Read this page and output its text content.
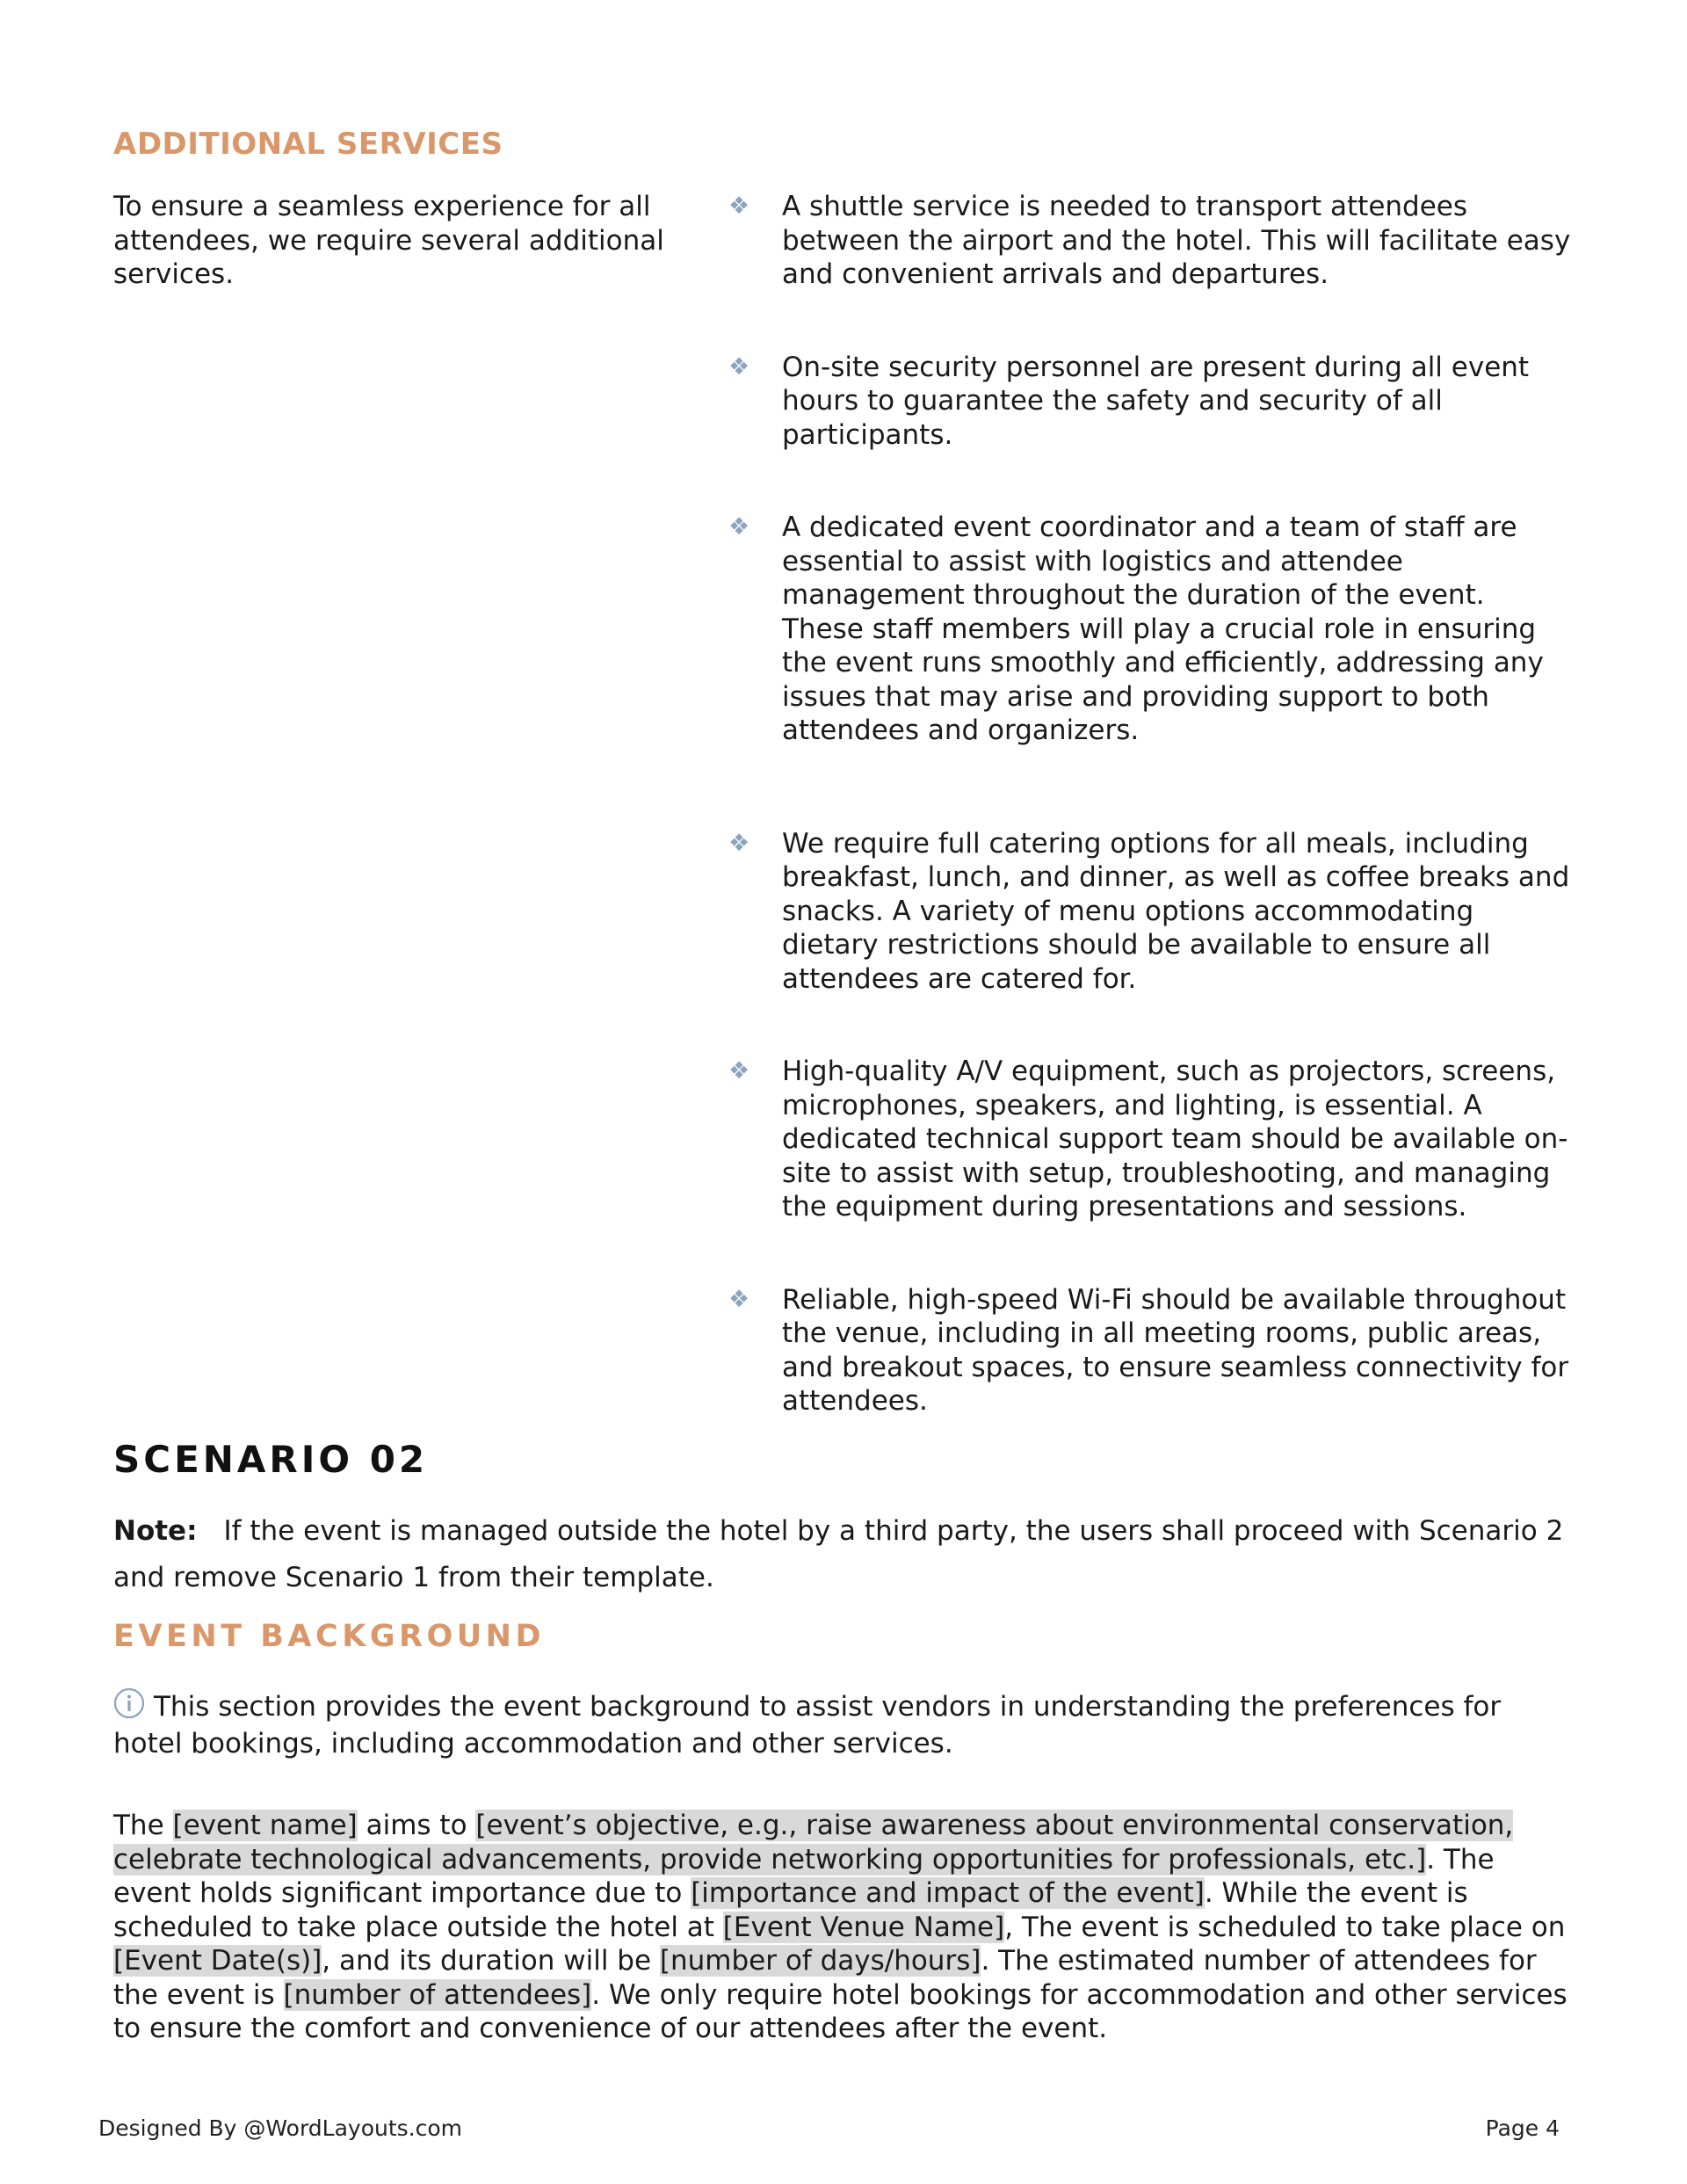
ADDITIONAL SERVICES
To ensure a seamless experience for all attendees, we require several additional services.
❖ A shuttle service is needed to transport attendees between the airport and the hotel. This will facilitate easy and convenient arrivals and departures.
❖ On-site security personnel are present during all event hours to guarantee the safety and security of all participants.
❖ A dedicated event coordinator and a team of staff are essential to assist with logistics and attendee management throughout the duration of the event. These staff members will play a crucial role in ensuring the event runs smoothly and efficiently, addressing any issues that may arise and providing support to both attendees and organizers.
❖ We require full catering options for all meals, including breakfast, lunch, and dinner, as well as coffee breaks and snacks. A variety of menu options accommodating dietary restrictions should be available to ensure all attendees are catered for.
❖ High-quality A/V equipment, such as projectors, screens, microphones, speakers, and lighting, is essential. A dedicated technical support team should be available on-site to assist with setup, troubleshooting, and managing the equipment during presentations and sessions.
❖ Reliable, high-speed Wi-Fi should be available throughout the venue, including in all meeting rooms, public areas, and breakout spaces, to ensure seamless connectivity for attendees.
SCENARIO 02
Note: If the event is managed outside the hotel by a third party, the users shall proceed with Scenario 2 and remove Scenario 1 from their template.
EVENT BACKGROUND
This section provides the event background to assist vendors in understanding the preferences for hotel bookings, including accommodation and other services.
The [event name] aims to [event’s objective, e.g., raise awareness about environmental conservation, celebrate technological advancements, provide networking opportunities for professionals, etc.]. The event holds significant importance due to [importance and impact of the event]. While the event is scheduled to take place outside the hotel at [Event Venue Name], The event is scheduled to take place on [Event Date(s)], and its duration will be [number of days/hours]. The estimated number of attendees for the event is [number of attendees]. We only require hotel bookings for accommodation and other services to ensure the comfort and convenience of our attendees after the event.
Designed By @WordLayouts.com	Page 4
